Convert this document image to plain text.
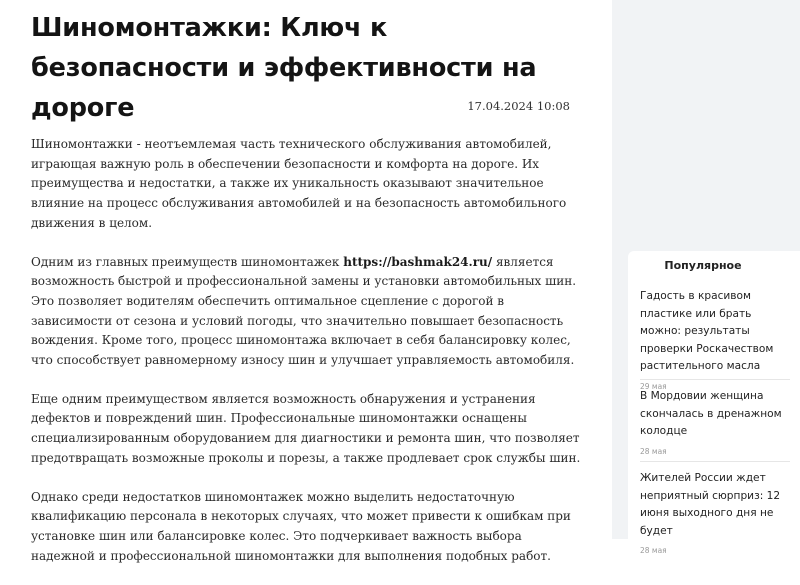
Шиномонтажки: Ключ к безопасности и эффективности на дороге	17.04.2024 10:08

Шиномонтажки - неотъемлемая часть технического обслуживания автомобилей, играющая важную роль в обеспечении безопасности и комфорта на дороге. Их преимущества и недостатки, а также их уникальность оказывают значительное влияние на процесс обслуживания автомобилей и на безопасность автомобильного движения в целом.

Одним из главных преимуществ шиномонтажек https://bashmak24.ru/ является возможность быстрой и профессиональной замены и установки автомобильных шин. Это позволяет водителям обеспечить оптимальное сцепление с дорогой в зависимости от сезона и условий погоды, что значительно повышает безопасность вождения. Кроме того, процесс шиномонтажа включает в себя балансировку колес, что способствует равномерному износу шин и улучшает управляемость автомобиля.

Еще одним преимуществом является возможность обнаружения и устранения дефектов и повреждений шин. Профессиональные шиномонтажки оснащены специализированным оборудованием для диагностики и ремонта шин, что позволяет предотвращать возможные проколы и порезы, а также продлевает срок службы шин.

Однако среди недостатков шиномонтажек можно выделить недостаточную квалификацию персонала в некоторых случаях, что может привести к ошибкам при установке шин или балансировке колес. Это подчеркивает важность выбора надежной и профессиональной шиномонтажки для выполнения подобных работ.

Популярное
Гадость в красивом пластике или брать можно: результаты проверки Роскачеством растительного масла
29 мая
В Мордовии женщина скончалась в дренажном колодце
28 мая
Жителей России ждет неприятный сюрприз: 12 июня выходного дня не будет
28 мая
